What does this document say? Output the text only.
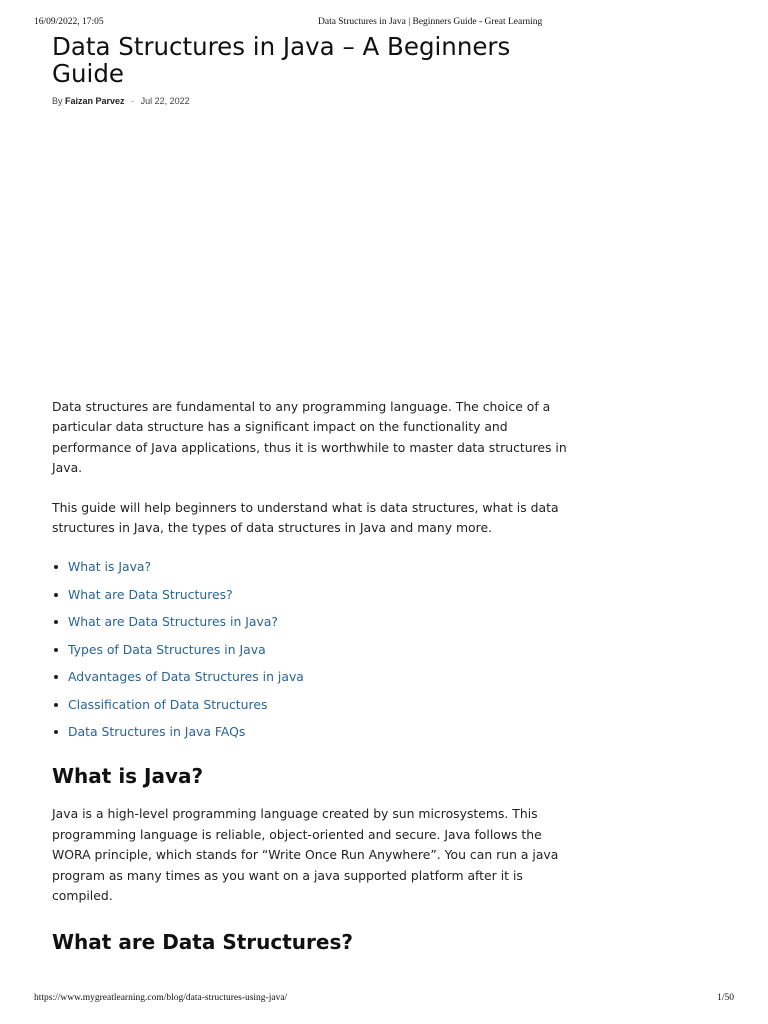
16/09/2022, 17:05	Data Structures in Java | Beginners Guide - Great Learning
Data Structures in Java – A Beginners Guide
By Faizan Parvez - Jul 22, 2022

Data structures are fundamental to any programming language. The choice of a particular data structure has a significant impact on the functionality and performance of Java applications, thus it is worthwhile to master data structures in Java.

This guide will help beginners to understand what is data structures, what is data structures in Java, the types of data structures in Java and many more.

What is Java?
What are Data Structures?
What are Data Structures in Java?
Types of Data Structures in Java
Advantages of Data Structures in java
Classification of Data Structures
Data Structures in Java FAQs
What is Java?

Java is a high-level programming language created by sun microsystems. This programming language is reliable, object-oriented and secure. Java follows the WORA principle, which stands for “Write Once Run Anywhere”. You can run a java program as many times as you want on a java supported platform after it is compiled.

What are Data Structures?
https://www.mygreatlearning.com/blog/data-structures-using-java/	1/50
